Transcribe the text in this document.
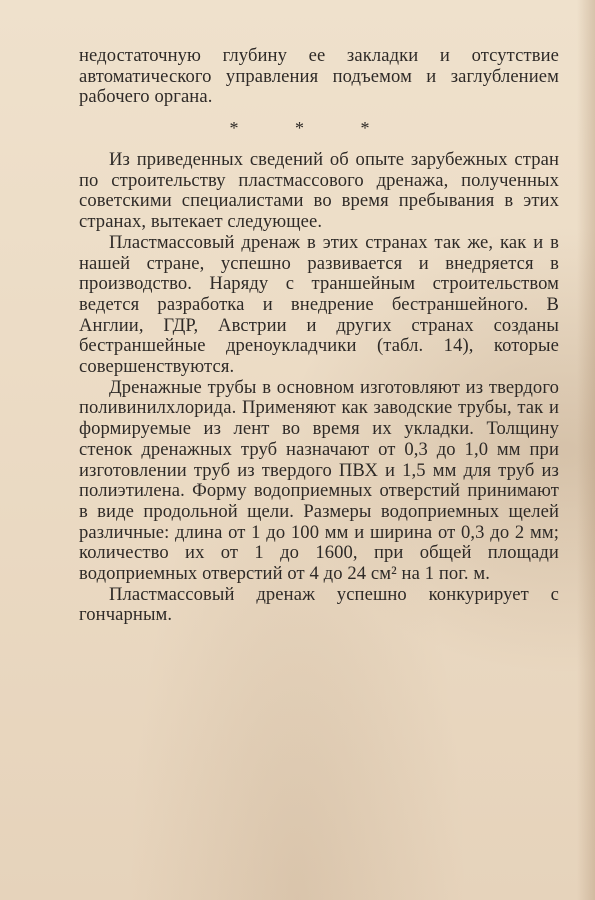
недостаточную глубину ее закладки и отсутствие автоматического управления подъемом и заглублением рабочего органа.

* * *

Из приведенных сведений об опыте зарубежных стран по строительству пластмассового дренажа, полученных советскими специалистами во время пребывания в этих странах, вытекает следующее.

Пластмассовый дренаж в этих странах так же, как и в нашей стране, успешно развивается и внедряется в производство. Наряду с траншейным строительством ведется разработка и внедрение бестраншейного. В Англии, ГДР, Австрии и других странах созданы бестраншейные дреноукладчики (табл. 14), которые совершенствуются.

Дренажные трубы в основном изготовляют из твердого поливинилхлорида. Применяют как заводские трубы, так и формируемые из лент во время их укладки. Толщину стенок дренажных труб назначают от 0,3 до 1,0 мм при изготовлении труб из твердого ПВХ и 1,5 мм для труб из полиэтилена. Форму водоприемных отверстий принимают в виде продольной щели. Размеры водоприемных щелей различные: длина от 1 до 100 мм и ширина от 0,3 до 2 мм; количество их от 1 до 1600, при общей площади водоприемных отверстий от 4 до 24 см² на 1 пог. м.

Пластмассовый дренаж успешно конкурирует с гончарным.
